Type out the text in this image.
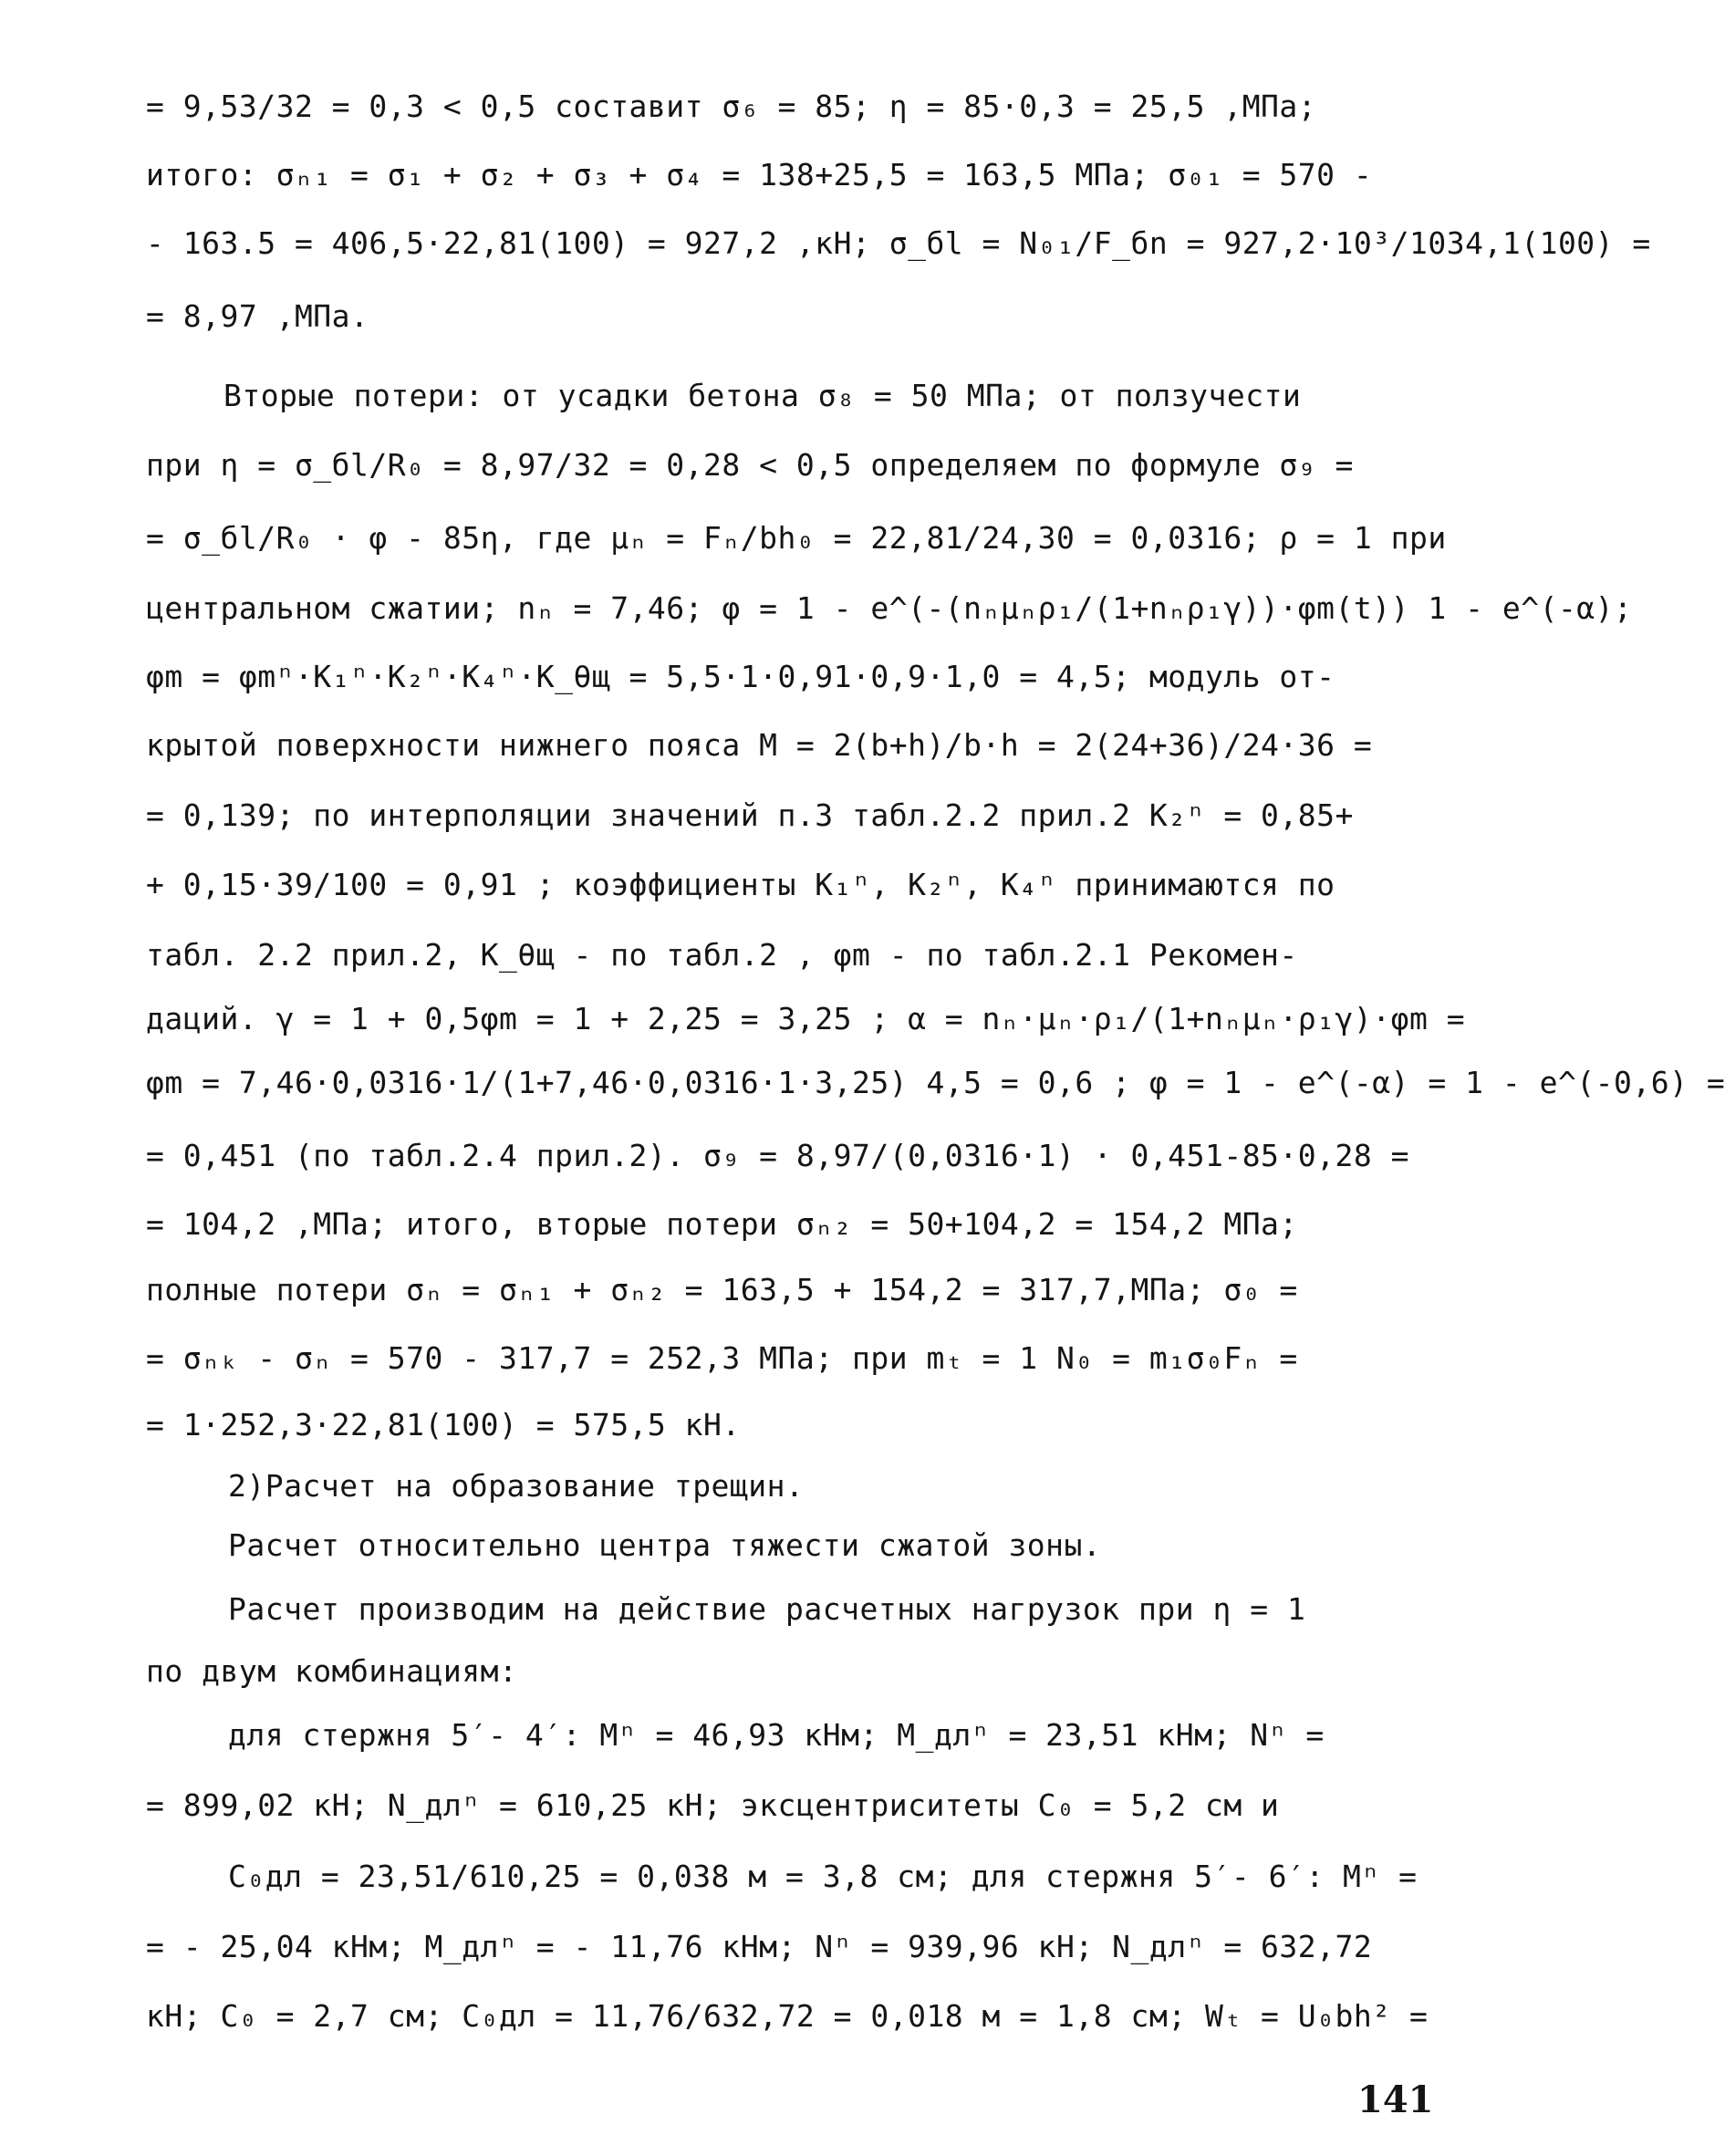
= 9,53/32 = 0,3 < 0,5 составит σ₆ = 85; η = 85·0,3 = 25,5 ,МПа;
итого: σₙ₁ = σ₁ + σ₂ + σ₃ + σ₄ = 138+25,5 = 163,5 МПа; σ₀₁ = 570 -
- 163.5 = 406,5·22,81(100) = 927,2 ,кН; σ_бl = N₀₁/F_бn = 927,2·10³/1034,1(100) =
= 8,97 ,МПа.
Вторые потери: от усадки бетона σ₈ = 50 МПа; от ползучести
при η = σ_бl/R₀ = 8,97/32 = 0,28 < 0,5 определяем по формуле σ₉ =
= σ_бl/R₀ · φ - 85η, где μₙ = Fₙ/bh₀ = 22,81/24,30 = 0,0316; ρ = 1 при
центральном сжатии; nₙ = 7,46; φ = 1 - e^(-(nₙμₙρ₁/(1+nₙρ₁γ))·φm(t)) 1 - e^(-α);
φm = φmⁿ·K₁ⁿ·K₂ⁿ·K₄ⁿ·K_θщ = 5,5·1·0,91·0,9·1,0 = 4,5; модуль от-
крытой поверхности нижнего пояса M = 2(b+h)/b·h = 2(24+36)/24·36 =
= 0,139; по интерполяции значений п.3 табл.2.2 прил.2 K₂ⁿ = 0,85+
+ 0,15·39/100 = 0,91 ; коэффициенты K₁ⁿ, K₂ⁿ, K₄ⁿ принимаются по
табл. 2.2 прил.2, K_θщ - по табл.2 , φm - по табл.2.1 Рекомен-
даций. γ = 1 + 0,5φm = 1 + 2,25 = 3,25 ; α = nₙ·μₙ·ρ₁/(1+nₙμₙ·ρ₁γ)·φm =
φm = 7,46·0,0316·1/(1+7,46·0,0316·1·3,25) 4,5 = 0,6 ; φ = 1 - e^(-α) = 1 - e^(-0,6) =
= 0,451 (по табл.2.4 прил.2). σ₉ = 8,97/(0,0316·1) · 0,451-85·0,28 =
= 104,2 ,МПа; итого, вторые потери σₙ₂ = 50+104,2 = 154,2 МПа;
полные потери σₙ = σₙ₁ + σₙ₂ = 163,5 + 154,2 = 317,7,МПа; σ₀ =
= σₙₖ - σₙ = 570 - 317,7 = 252,3 МПа; при mₜ = 1 N₀ = m₁σ₀Fₙ =
= 1·252,3·22,81(100) = 575,5 кН.
2)Расчет на образование трещин.
Расчет относительно центра тяжести сжатой зоны.
Расчет производим на действие расчетных нагрузок при η = 1
по двум комбинациям:
для стержня 5′- 4′: Mⁿ = 46,93 кНм; M_длⁿ = 23,51 кНм; Nⁿ =
= 899,02 кН; N_длⁿ = 610,25 кН; эксцентриситеты C₀ = 5,2 см и
C₀дл = 23,51/610,25 = 0,038 м = 3,8 см; для стержня 5′- 6′: Mⁿ =
= - 25,04 кНм; M_длⁿ = - 11,76 кНм; Nⁿ = 939,96 кН; N_длⁿ = 632,72
кН; C₀ = 2,7 см; C₀дл = 11,76/632,72 = 0,018 м = 1,8 см; Wₜ = U₀bh² =
141
